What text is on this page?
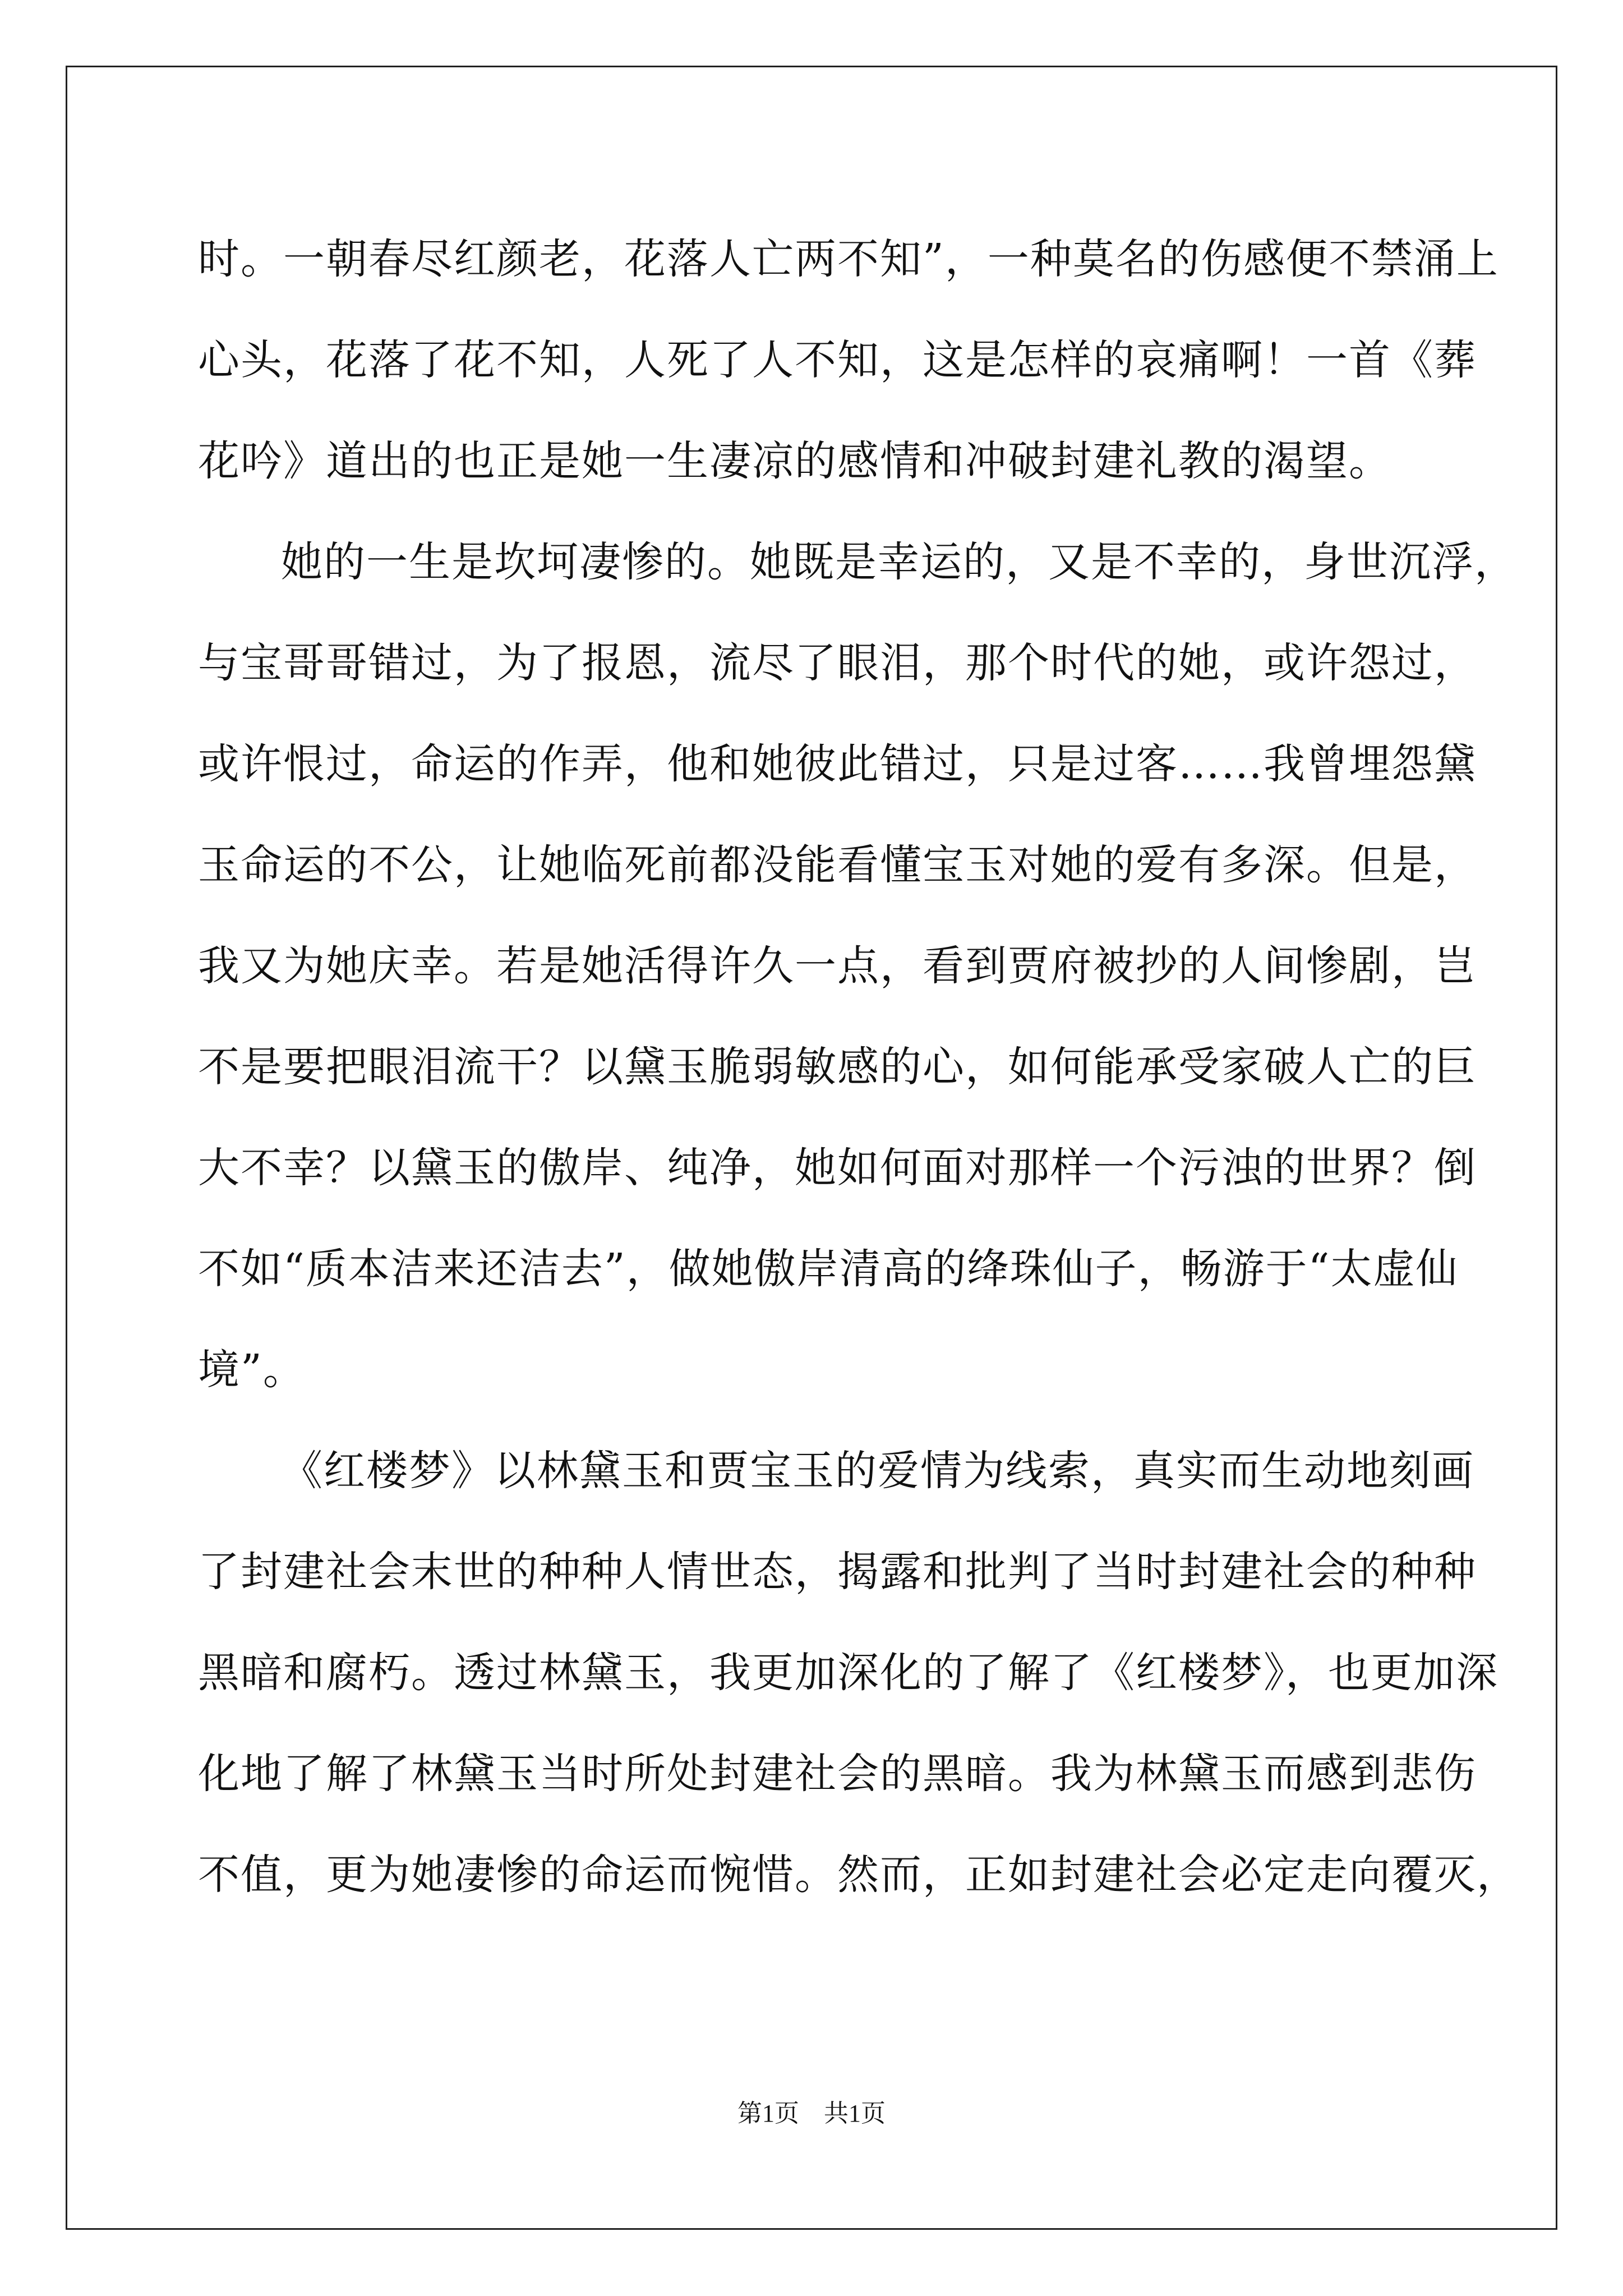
时。一朝春尽红颜老，花落人亡两不知”，一种莫名的伤感便不禁涌上
心头，花落了花不知，人死了人不知，这是怎样的哀痛啊！一首《葬
花吟》道出的也正是她一生凄凉的感情和冲破封建礼教的渴望。
她的一生是坎坷凄惨的。她既是幸运的，又是不幸的，身世沉浮，
与宝哥哥错过，为了报恩，流尽了眼泪，那个时代的她，或许怨过，
或许恨过，命运的作弄，他和她彼此错过，只是过客……我曾埋怨黛
玉命运的不公，让她临死前都没能看懂宝玉对她的爱有多深。但是，
我又为她庆幸。若是她活得许久一点，看到贾府被抄的人间惨剧，岂
不是要把眼泪流干？以黛玉脆弱敏感的心，如何能承受家破人亡的巨
大不幸？以黛玉的傲岸、纯净，她如何面对那样一个污浊的世界？倒
不如“质本洁来还洁去”，做她傲岸清高的绛珠仙子，畅游于“太虚仙
境”。
《红楼梦》以林黛玉和贾宝玉的爱情为线索，真实而生动地刻画
了封建社会末世的种种人情世态，揭露和批判了当时封建社会的种种
黑暗和腐朽。透过林黛玉，我更加深化的了解了《红楼梦》，也更加深
化地了解了林黛玉当时所处封建社会的黑暗。我为林黛玉而感到悲伤
不值，更为她凄惨的命运而惋惜。然而，正如封建社会必定走向覆灭，
第1页　共1页
